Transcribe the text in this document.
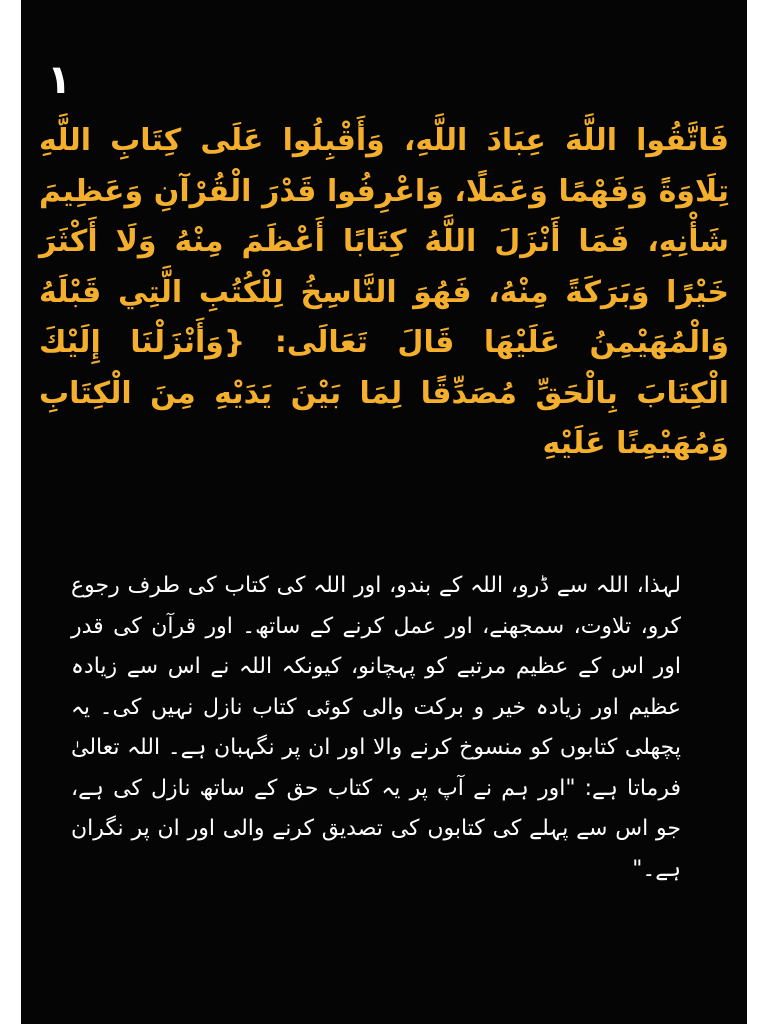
١
فَاتَّقُوا اللَّهَ عِبَادَ اللَّهِ، وَأَقْبِلُوا عَلَى كِتَابِ اللَّهِ تِلَاوَةً وَفَهْمًا وَعَمَلًا، وَاعْرِفُوا قَدْرَ الْقُرْآنِ وَعَظِيمَ شَأْنِهِ، فَمَا أَنْزَلَ اللَّهُ كِتَابًا أَعْظَمَ مِنْهُ وَلَا أَكْثَرَ خَيْرًا وَبَرَكَةً مِنْهُ، فَهُوَ النَّاسِخُ لِلْكُتُبِ الَّتِي قَبْلَهُ وَالْمُهَيْمِنُ عَلَيْهَا قَالَ تَعَالَى: {وَأَنْزَلْنَا إِلَيْكَ الْكِتَابَ بِالْحَقِّ مُصَدِّقًا لِمَا بَيْنَ يَدَيْهِ مِنَ الْكِتَابِ وَمُهَيْمِنًا عَلَيْهِ
لہذا، اللہ سے ڈرو، اللہ کے بندو، اور اللہ کی کتاب کی طرف رجوع کرو، تلاوت، سمجھنے، اور عمل کرنے کے ساتھ۔ اور قرآن کی قدر اور اس کے عظیم مرتبے کو پہچانو، کیونکہ اللہ نے اس سے زیادہ عظیم اور زیادہ خیر و برکت والی کوئی کتاب نازل نہیں کی۔ یہ پچھلی کتابوں کو منسوخ کرنے والا اور ان پر نگہبان ہے۔ اللہ تعالیٰ فرماتا ہے: "اور ہم نے آپ پر یہ کتاب حق کے ساتھ نازل کی ہے، جو اس سے پہلے کی کتابوں کی تصدیق کرنے والی اور ان پر نگران ہے۔"
